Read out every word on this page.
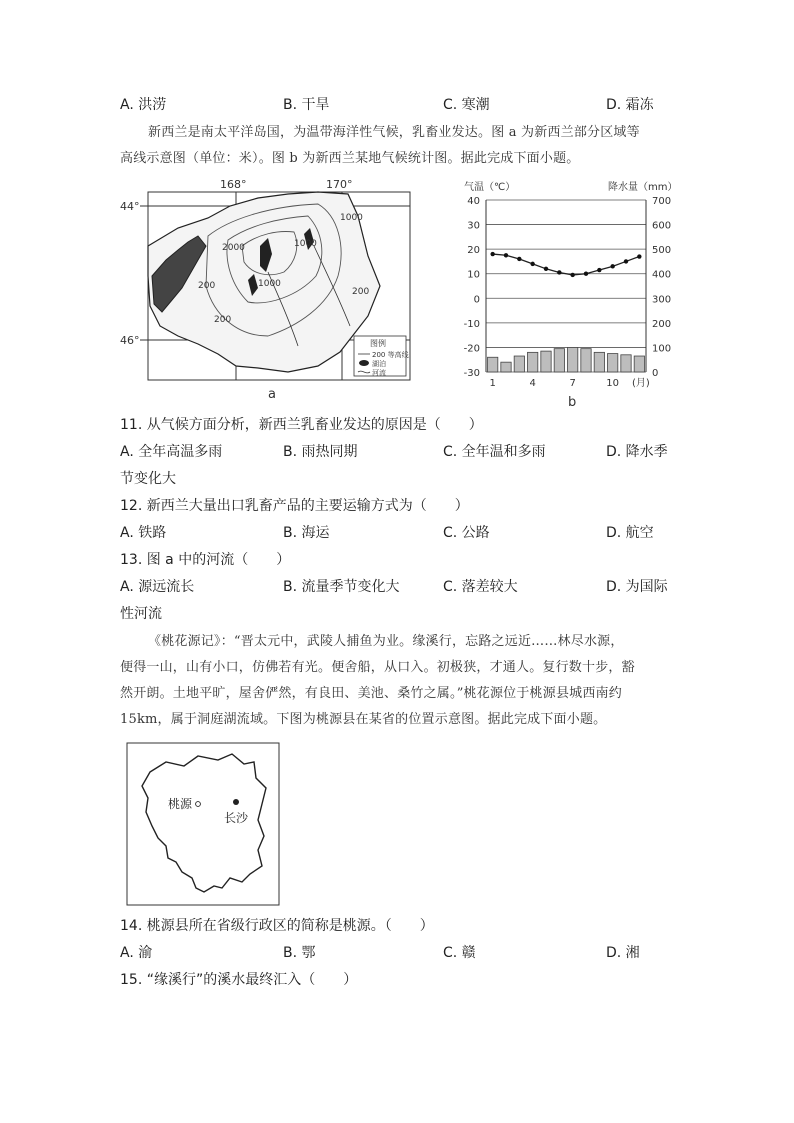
A. 洪涝	B. 干旱	C. 寒潮	D. 霜冻
新西兰是南太平洋岛国，为温带海洋性气候，乳畜业发达。图 a 为新西兰部分区域等
高线示意图（单位：米）。图 b 为新西兰某地气候统计图。据此完成下面小题。
168°	170°
44°
46°
1000
2000	1000
1000
200
200
200
图例
200 等高线
湖泊
河流
a
气温（℃）	降水量（mm）
40	700
30	600
20	500
10	400
0	300
-10	200
-20	100
-30	0
1	4	7	10 (月)
b
11. 从气候方面分析，新西兰乳畜业发达的原因是（　　）
A. 全年高温多雨	B. 雨热同期	C. 全年温和多雨	D. 降水季
节变化大
12. 新西兰大量出口乳畜产品的主要运输方式为（　　）
A. 铁路	B. 海运	C. 公路	D. 航空
13. 图 a 中的河流（　　）
A. 源远流长	B. 流量季节变化大	C. 落差较大	D. 为国际
性河流
《桃花源记》：“晋太元中，武陵人捕鱼为业。缘溪行，忘路之远近……林尽水源，
便得一山，山有小口，仿佛若有光。便舍船，从口入。初极狭，才通人。复行数十步，豁
然开朗。土地平旷，屋舍俨然，有良田、美池、桑竹之属。”桃花源位于桃源县城西南约
15km，属于洞庭湖流域。下图为桃源县在某省的位置示意图。据此完成下面小题。
桃源
长沙
14. 桃源县所在省级行政区的简称是桃源。（　　）
A. 渝	B. 鄂	C. 赣	D. 湘
15. “缘溪行”的溪水最终汇入（　　）
